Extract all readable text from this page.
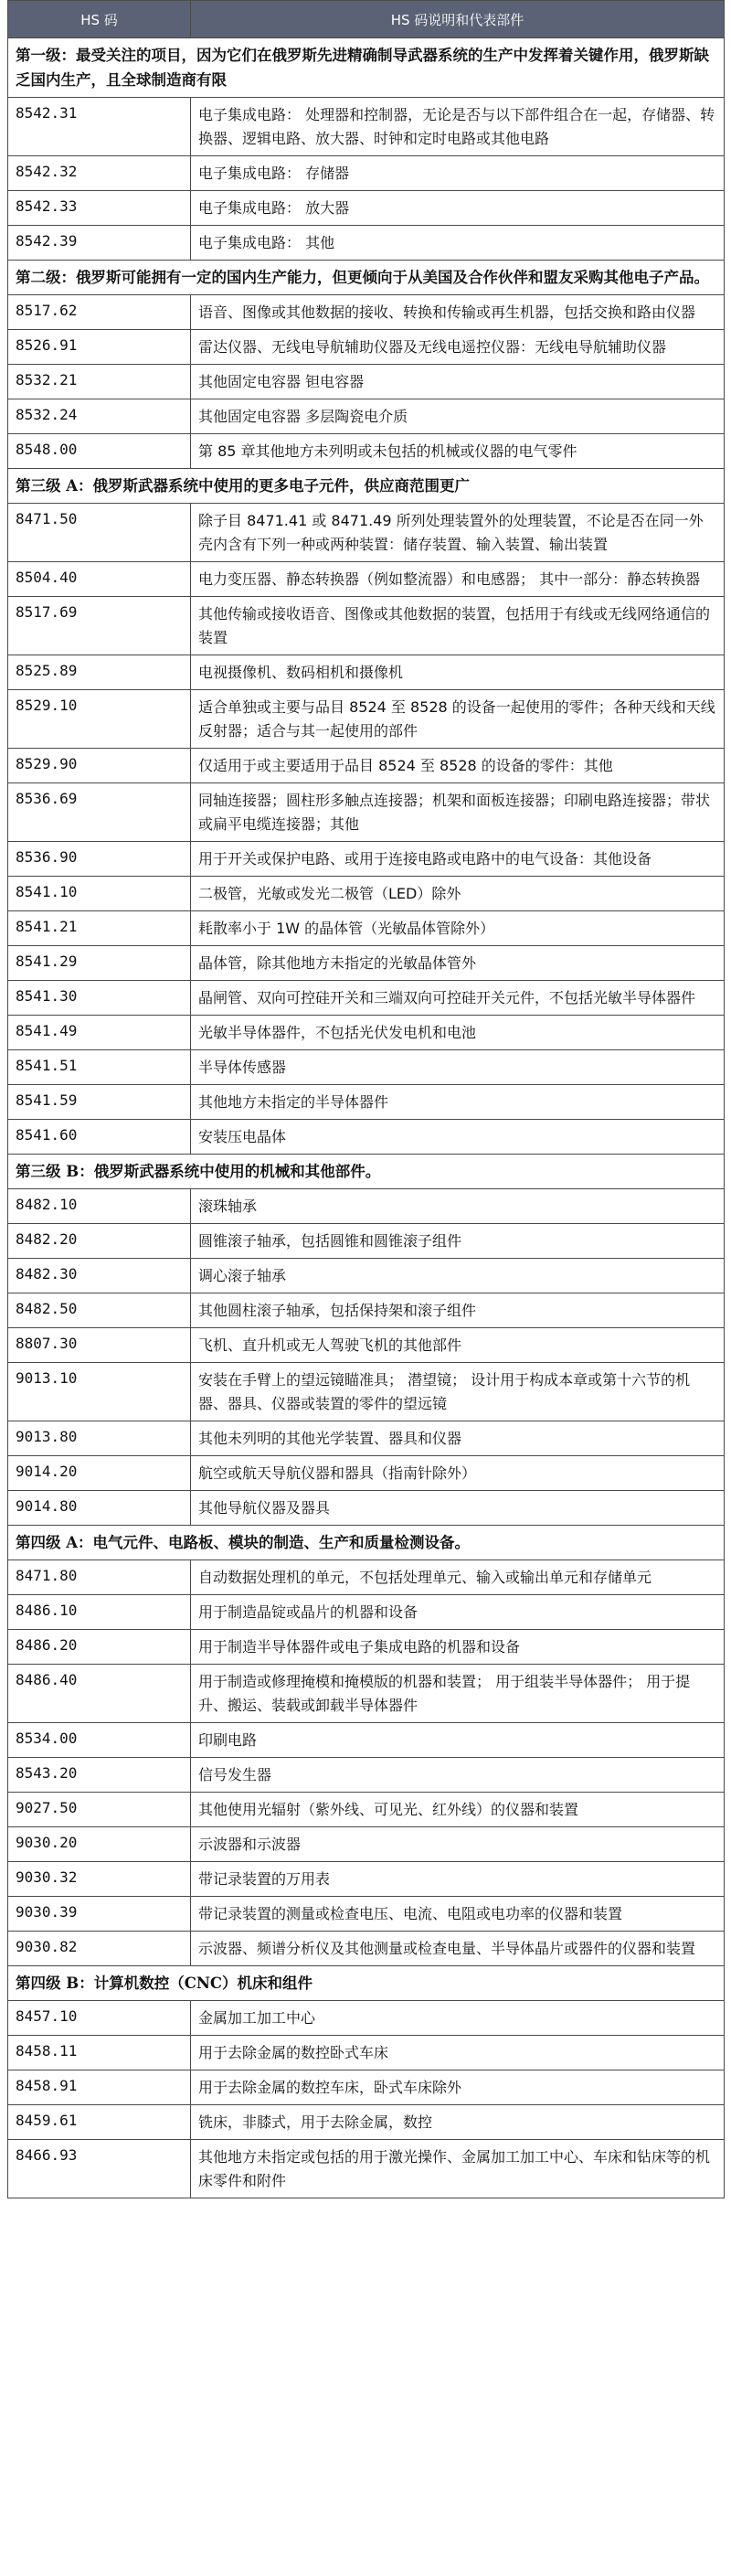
HS 码	HS 码说明和代表部件
第一级：最受关注的项目，因为它们在俄罗斯先进精确制导武器系统的生产中发挥着关键作用，俄罗斯缺乏国内生产，且全球制造商有限	
8542.31	电子集成电路： 处理器和控制器，无论是否与以下部件组合在一起，存储器、转换器、逻辑电路、放大器、时钟和定时电路或其他电路
8542.32	电子集成电路： 存储器
8542.33	电子集成电路： 放大器
8542.39	电子集成电路： 其他
第二级：俄罗斯可能拥有一定的国内生产能力，但更倾向于从美国及合作伙伴和盟友采购其他电子产品。	
8517.62	语音、图像或其他数据的接收、转换和传输或再生机器，包括交换和路由仪器
8526.91	雷达仪器、无线电导航辅助仪器及无线电遥控仪器：无线电导航辅助仪器
8532.21	其他固定电容器 钽电容器
8532.24	其他固定电容器 多层陶瓷电介质
8548.00	第 85 章其他地方未列明或未包括的机械或仪器的电气零件
第三级 A：俄罗斯武器系统中使用的更多电子元件，供应商范围更广	
8471.50	除子目 8471.41 或 8471.49 所列处理装置外的处理装置，不论是否在同一外壳内含有下列一种或两种装置：储存装置、输入装置、输出装置
8504.40	电力变压器、静态转换器（例如整流器）和电感器； 其中一部分：静态转换器
8517.69	其他传输或接收语音、图像或其他数据的装置，包括用于有线或无线网络通信的装置
8525.89	电视摄像机、数码相机和摄像机
8529.10	适合单独或主要与品目 8524 至 8528 的设备一起使用的零件；各种天线和天线反射器；适合与其一起使用的部件
8529.90	仅适用于或主要适用于品目 8524 至 8528 的设备的零件：其他
8536.69	同轴连接器；圆柱形多触点连接器；机架和面板连接器；印刷电路连接器；带状或扁平电缆连接器；其他
8536.90	用于开关或保护电路、或用于连接电路或电路中的电气设备：其他设备
8541.10	二极管，光敏或发光二极管（LED）除外
8541.21	耗散率小于 1W 的晶体管（光敏晶体管除外）
8541.29	晶体管，除其他地方未指定的光敏晶体管外
8541.30	晶闸管、双向可控硅开关和三端双向可控硅开关元件，不包括光敏半导体器件
8541.49	光敏半导体器件，不包括光伏发电机和电池
8541.51	半导体传感器
8541.59	其他地方未指定的半导体器件
8541.60	安装压电晶体
第三级 B：俄罗斯武器系统中使用的机械和其他部件。	
8482.10	滚珠轴承
8482.20	圆锥滚子轴承，包括圆锥和圆锥滚子组件
8482.30	调心滚子轴承
8482.50	其他圆柱滚子轴承，包括保持架和滚子组件
8807.30	飞机、直升机或无人驾驶飞机的其他部件
9013.10	安装在手臂上的望远镜瞄准具； 潜望镜； 设计用于构成本章或第十六节的机器、器具、仪器或装置的零件的望远镜
9013.80	其他未列明的其他光学装置、器具和仪器
9014.20	航空或航天导航仪器和器具（指南针除外）
9014.80	其他导航仪器及器具
第四级 A：电气元件、电路板、模块的制造、生产和质量检测设备。	
8471.80	自动数据处理机的单元，不包括处理单元、输入或输出单元和存储单元
8486.10	用于制造晶锭或晶片的机器和设备
8486.20	用于制造半导体器件或电子集成电路的机器和设备
8486.40	用于制造或修理掩模和掩模版的机器和装置； 用于组装半导体器件； 用于提升、搬运、装载或卸载半导体器件
8534.00	印刷电路
8543.20	信号发生器
9027.50	其他使用光辐射（紫外线、可见光、红外线）的仪器和装置
9030.20	示波器和示波器
9030.32	带记录装置的万用表
9030.39	带记录装置的测量或检查电压、电流、电阻或电功率的仪器和装置
9030.82	示波器、频谱分析仪及其他测量或检查电量、半导体晶片或器件的仪器和装置
第四级 B：计算机数控（CNC）机床和组件	
8457.10	金属加工加工中心
8458.11	用于去除金属的数控卧式车床
8458.91	用于去除金属的数控车床，卧式车床除外
8459.61	铣床，非膝式，用于去除金属，数控
8466.93	其他地方未指定或包括的用于激光操作、金属加工加工中心、车床和钻床等的机床零件和附件
